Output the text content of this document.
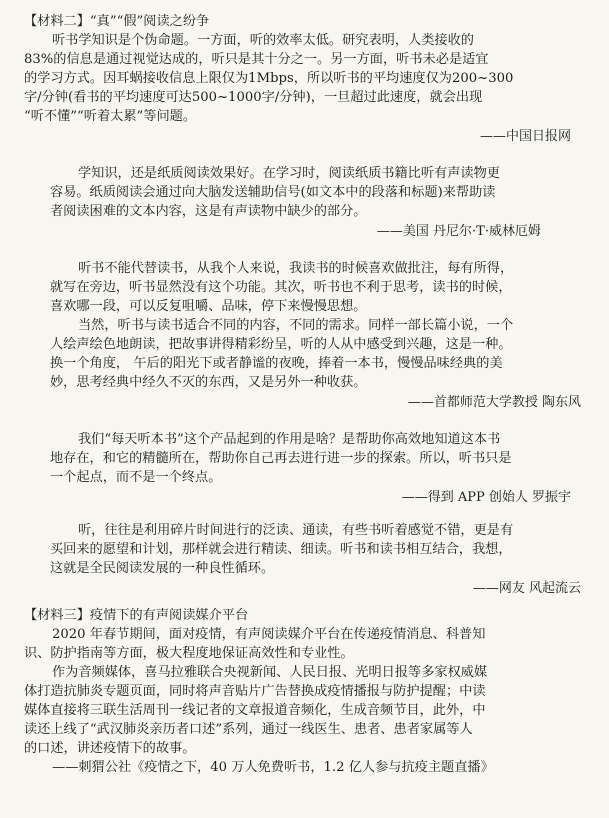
【材料二】“真”“假”阅读之纷争

听书学知识是个伪命题。一方面，听的效率太低。研究表明，人类接收的

83%的信息是通过视觉达成的，听只是其十分之一。另一方面，听书未必是适宜

的学习方式。因耳蜗接收信息上限仅为1Mbps，所以听书的平均速度仅为200~300

字/分钟(看书的平均速度可达500~1000字/分钟)，一旦超过此速度，就会出现

“听不懂”“听着太累”等问题。

——中国日报网

学知识，还是纸质阅读效果好。在学习时，阅读纸质书籍比听有声读物更

容易。纸质阅读会通过向大脑发送辅助信号(如文本中的段落和标题)来帮助读

者阅读困难的文本内容，这是有声读物中缺少的部分。

——美国 丹尼尔·T·威林厄姆

听书不能代替读书，从我个人来说，我读书的时候喜欢做批注，每有所得，

就写在旁边，听书显然没有这个功能。其次，听书也不利于思考，读书的时候，

喜欢哪一段，可以反复咀嚼、品味，停下来慢慢思想。

当然，听书与读书适合不同的内容，不同的需求。同样一部长篇小说，一个

人绘声绘色地朗读，把故事讲得精彩纷呈，听的人从中感受到兴趣，这是一种。

换一个角度， 午后的阳光下或者静谧的夜晚，捧着一本书，慢慢品味经典的美

妙，思考经典中经久不灭的东西，又是另外一种收获。

——首都师范大学教授 陶东风

我们“每天听本书”这个产品起到的作用是啥？是帮助你高效地知道这本书

地存在，和它的精髓所在，帮助你自己再去进行进一步的探索。所以，听书只是

一个起点，而不是一个终点。

——得到 APP 创始人 罗振宇

听，往往是利用碎片时间进行的泛读、通读，有些书听着感觉不错，更是有

买回来的愿望和计划，那样就会进行精读、细读。听书和读书相互结合，我想，

这就是全民阅读发展的一种良性循环。

——网友 风起流云

【材料三】疫情下的有声阅读媒介平台

2020 年春节期间，面对疫情，有声阅读媒介平台在传递疫情消息、科普知

识、防护指南等方面，极大程度地保证高效性和专业性。

作为音频媒体，喜马拉雅联合央视新闻、人民日报、光明日报等多家权威媒

体打造抗肺炎专题页面，同时将声音贴片广告替换成疫情播报与防护提醒；中读

媒体直接将三联生活周刊一线记者的文章报道音频化，生成音频节目，此外，中

读还上线了“武汉肺炎亲历者口述”系列，通过一线医生、患者、患者家属等人

的口述，讲述疫情下的故事。

——刺猬公社《疫情之下，40 万人免费听书，1.2 亿人参与抗疫主题直播》
